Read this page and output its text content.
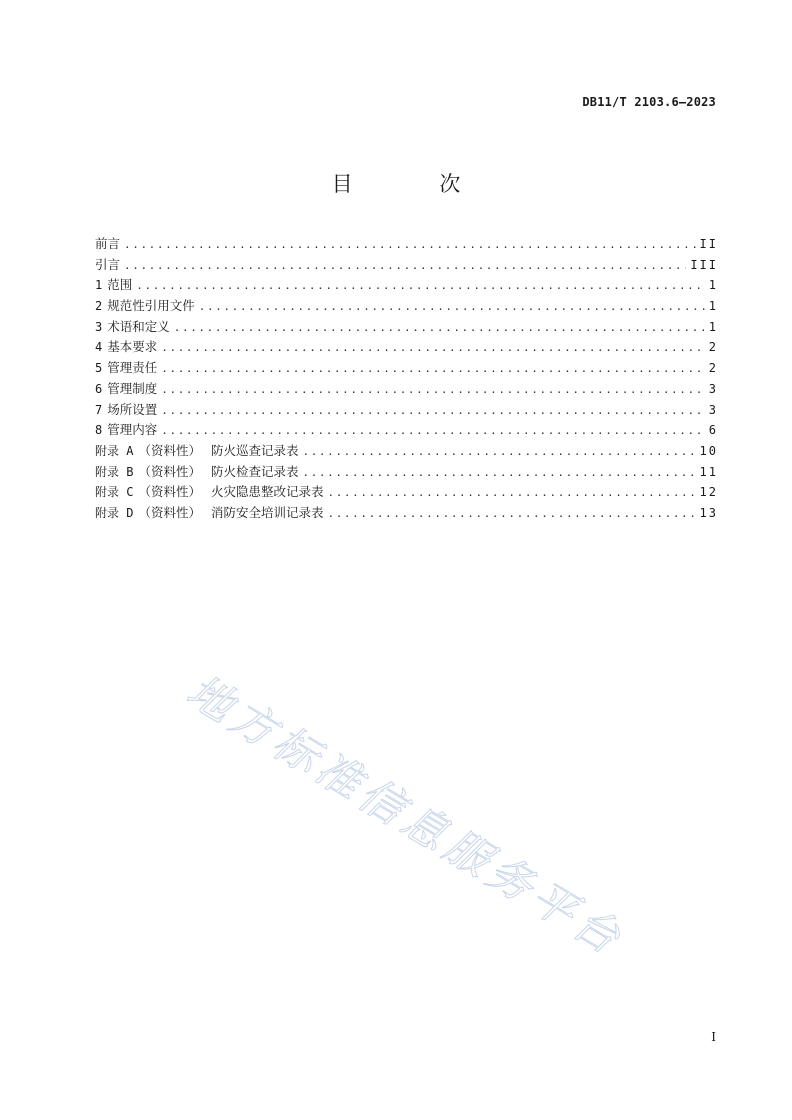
DB11/T 2103.6—2023
目 次
前言 .....	II
引言 .....	III
1 范围 .....	1
2 规范性引用文件 .....	1
3 术语和定义 .....	1
4 基本要求 .....	2
5 管理责任 .....	2
6 管理制度 .....	3
7 场所设置 .....	3
8 管理内容 .....	6
附录 A （资料性） 防火巡查记录表 .....	10
附录 B （资料性） 防火检查记录表 .....	11
附录 C （资料性） 火灾隐患整改记录表 .....	12
附录 D （资料性） 消防安全培训记录表 .....	13
地方标准信息服务平台
I
